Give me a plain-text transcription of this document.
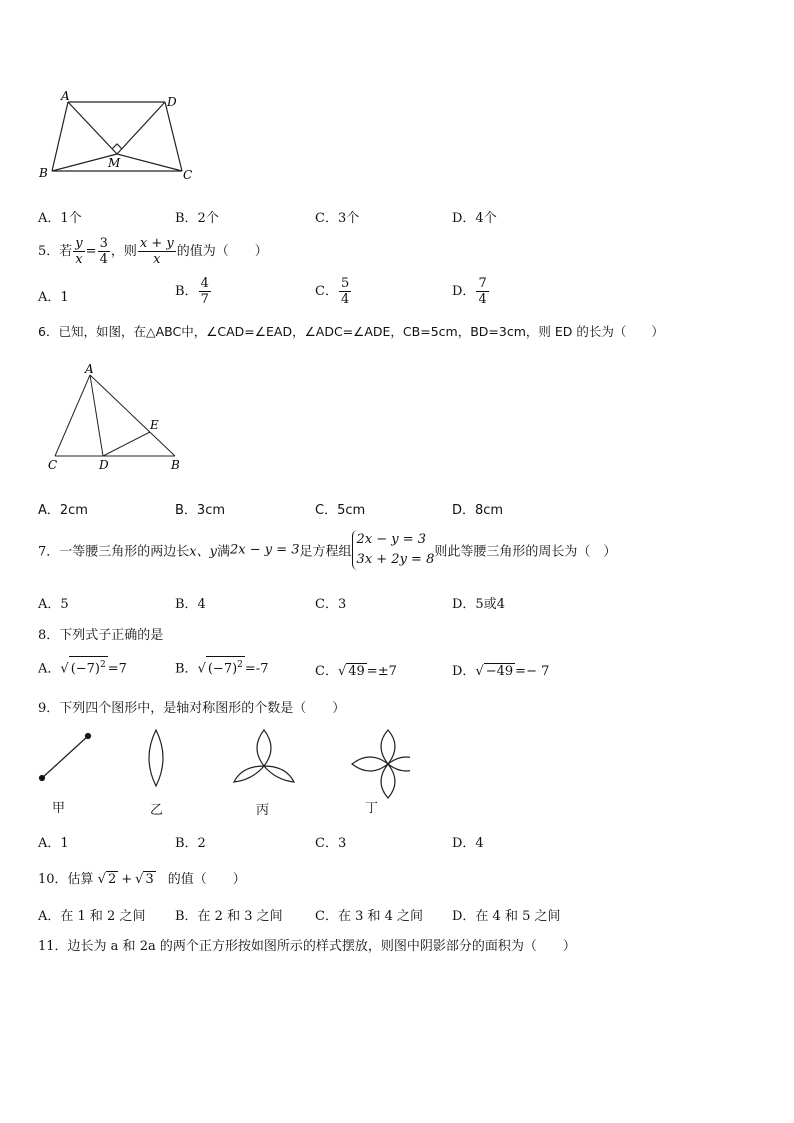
A	D
B
M
C
A．1个	B．2个	C．3个	D．4个
5．若 $\frac{y}{x} = \frac{3}{4}$ ，则 $\frac{x + y}{x}$ 的值为（　　）
A．1	B． $\frac{4}{7}$	C． $\frac{5}{4}$	D． $\frac{7}{4}$
6．已知，如图，在△ABC中，∠CAD=∠EAD，∠ADC=∠ADE，CB=5cm，BD=3cm，则 ED 的长为（　　）
A
E
C	D	B
A．2cm	B．3cm	C．5cm	D．8cm
7．一等腰三角形的两边长x、y满2x − y = 3足方程组
2x − y = 3
3x + 2y = 8 则此等腰三角形的周长为（　）
A．5	B．4	C．3	D．5或4
8．下列式子正确的是
A．√ $(-7)^2 =7$	B．√ $(-7)^2 =-7$	C．√ 49 =±7	D．√ −49 =− 7
9．下列四个图形中，是轴对称图形的个数是（　　）
甲	乙	丙	丁
A．1	B．2	C．3	D．4
10．估算 √ 2 + √ 3 的值（　　）
A．在 1 和 2 之间 B．在 2 和 3 之间 C．在 3 和 4 之间 D．在 4 和 5 之间
11．边长为 a 和 2a 的两个正方形按如图所示的样式摆放，则图中阴影部分的面积为（　　）
